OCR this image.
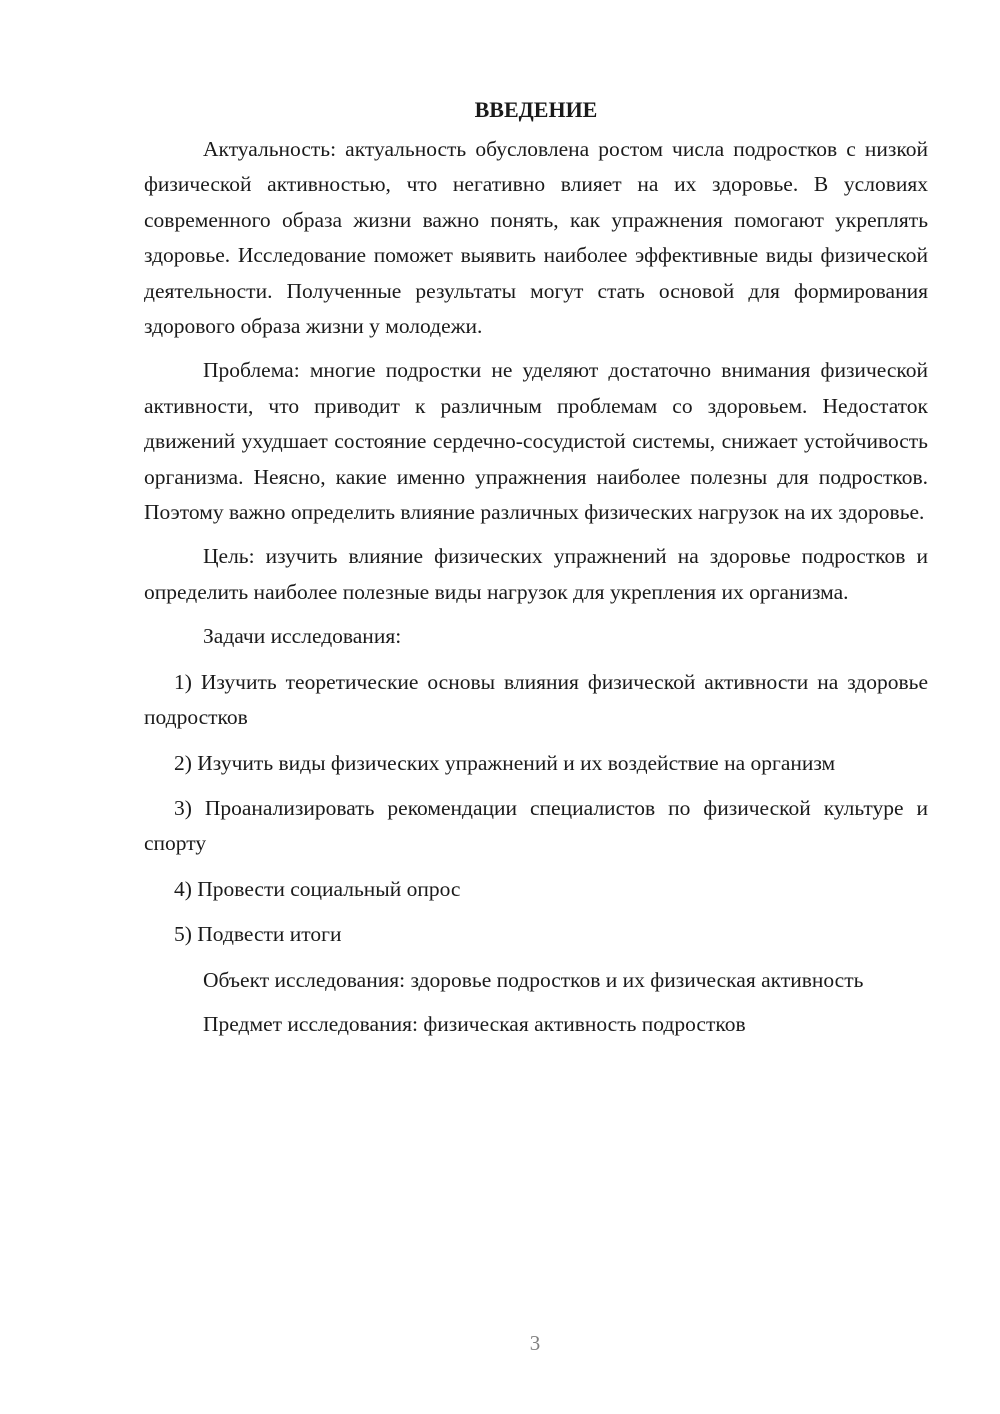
ВВЕДЕНИЕ

Актуальность: актуальность обусловлена ростом числа подростков с низкой физической активностью, что негативно влияет на их здоровье. В условиях современного образа жизни важно понять, как упражнения помогают укреплять здоровье. Исследование поможет выявить наиболее эффективные виды физической деятельности. Полученные результаты могут стать основой для формирования здорового образа жизни у молодежи.

Проблема: многие подростки не уделяют достаточно внимания физической активности, что приводит к различным проблемам со здоровьем. Недостаток движений ухудшает состояние сердечно-сосудистой системы, снижает устойчивость организма. Неясно, какие именно упражнения наиболее полезны для подростков. Поэтому важно определить влияние различных физических нагрузок на их здоровье.

Цель: изучить влияние физических упражнений на здоровье подростков и определить наиболее полезные виды нагрузок для укрепления их организма.

Задачи исследования:

1) Изучить теоретические основы влияния физической активности на здоровье подростков

2) Изучить виды физических упражнений и их воздействие на организм

3) Проанализировать рекомендации специалистов по физической культуре и спорту

4) Провести социальный опрос

5) Подвести итоги

Объект исследования: здоровье подростков и их физическая активность

Предмет исследования: физическая активность подростков

3
